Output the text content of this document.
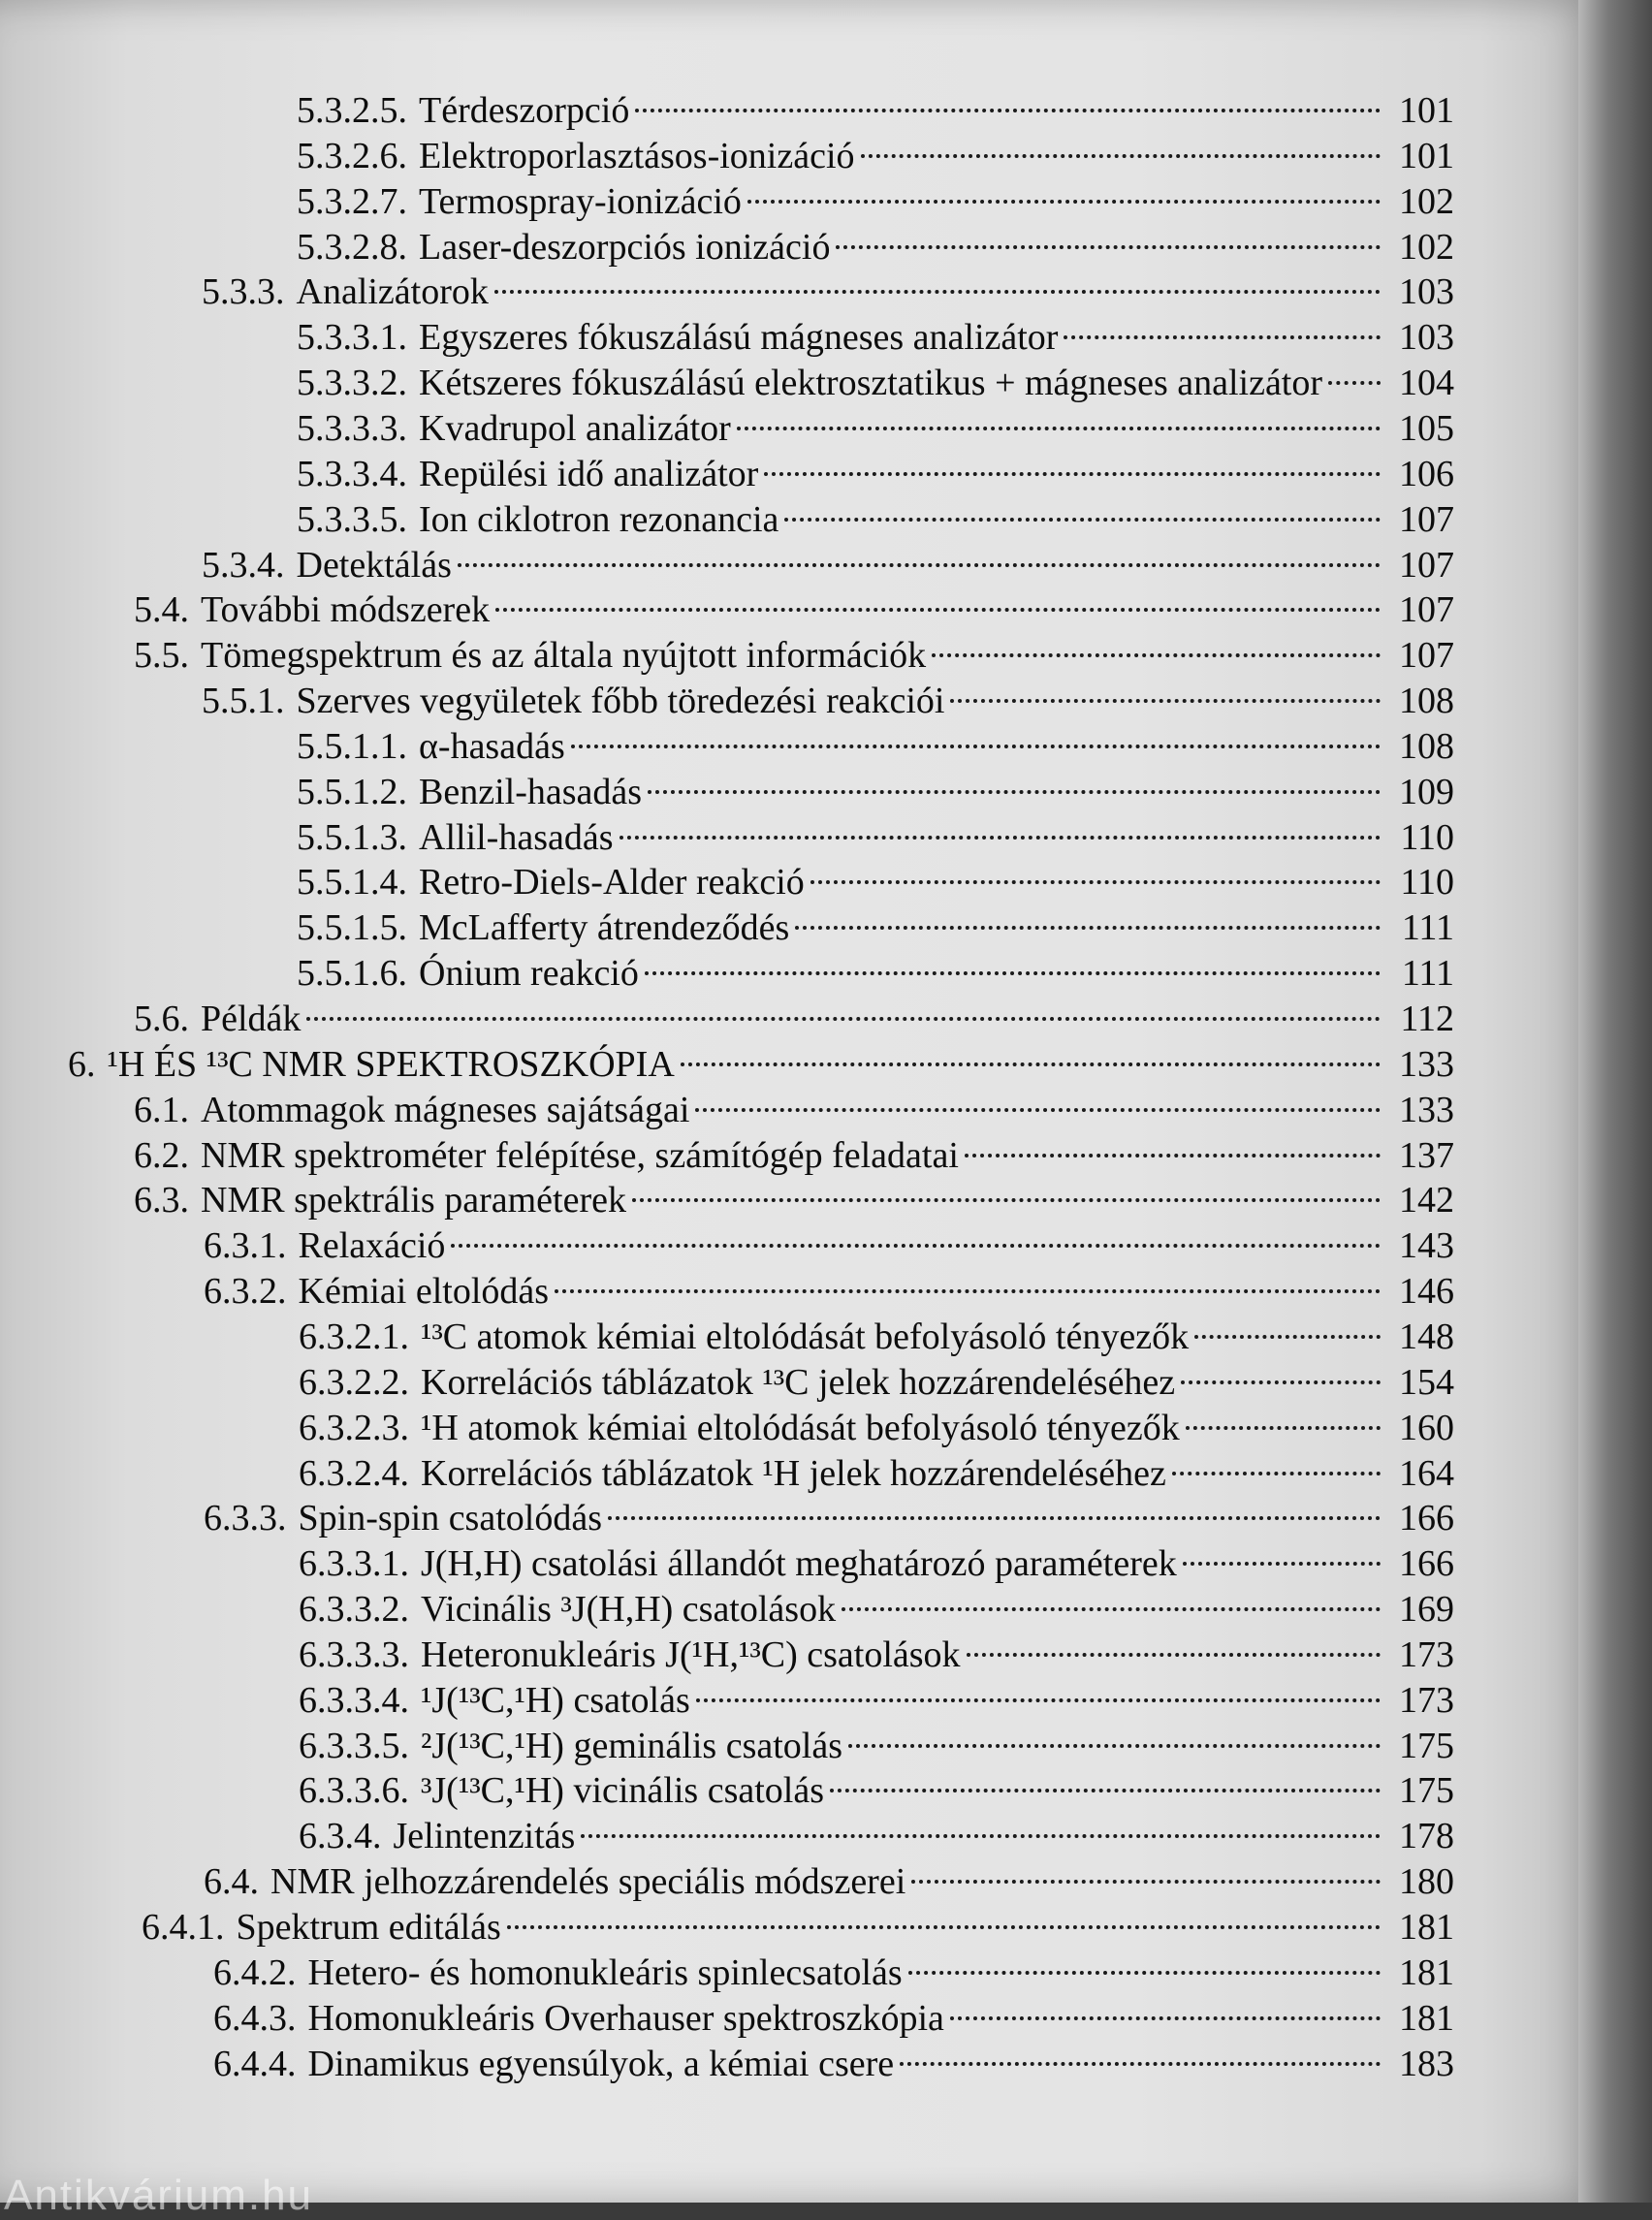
5.3.2.5. Térdeszorpció	101
5.3.2.6. Elektroporlasztásos-ionizáció	101
5.3.2.7. Termospray-ionizáció	102
5.3.2.8. Laser-deszorpciós ionizáció	102
5.3.3. Analizátorok	103
5.3.3.1. Egyszeres fókuszálású mágneses analizátor	103
5.3.3.2. Kétszeres fókuszálású elektrosztatikus + mágneses analizátor	104
5.3.3.3. Kvadrupol analizátor	105
5.3.3.4. Repülési idő analizátor	106
5.3.3.5. Ion ciklotron rezonancia	107
5.3.4. Detektálás	107
5.4. További módszerek	107
5.5. Tömegspektrum és az általa nyújtott információk	107
5.5.1. Szerves vegyületek főbb töredezési reakciói	108
5.5.1.1. α-hasadás	108
5.5.1.2. Benzil-hasadás	109
5.5.1.3. Allil-hasadás	110
5.5.1.4. Retro-Diels-Alder reakció	110
5.5.1.5. McLafferty átrendeződés	111
5.5.1.6. Ónium reakció	111
5.6. Példák	112
6. ¹H ÉS ¹³C NMR SPEKTROSZKÓPIA	133
6.1. Atommagok mágneses sajátságai	133
6.2. NMR spektrométer felépítése, számítógép feladatai	137
6.3. NMR spektrális paraméterek	142
6.3.1. Relaxáció	143
6.3.2. Kémiai eltolódás	146
6.3.2.1. ¹³C atomok kémiai eltolódását befolyásoló tényezők	148
6.3.2.2. Korrelációs táblázatok ¹³C jelek hozzárendeléséhez	154
6.3.2.3. ¹H atomok kémiai eltolódását befolyásoló tényezők	160
6.3.2.4. Korrelációs táblázatok ¹H jelek hozzárendeléséhez	164
6.3.3. Spin-spin csatolódás	166
6.3.3.1. J(H,H) csatolási állandót meghatározó paraméterek	166
6.3.3.2. Vicinális ³J(H,H) csatolások	169
6.3.3.3. Heteronukleáris J(¹H,¹³C) csatolások	173
6.3.3.4. ¹J(¹³C,¹H) csatolás	173
6.3.3.5. ²J(¹³C,¹H) geminális csatolás	175
6.3.3.6. ³J(¹³C,¹H) vicinális csatolás	175
6.3.4. Jelintenzitás	178
6.4. NMR jelhozzárendelés speciális módszerei	180
6.4.1. Spektrum editálás	181
6.4.2. Hetero- és homonukleáris spinlecsatolás	181
6.4.3. Homonukleáris Overhauser spektroszkópia	181
6.4.4. Dinamikus egyensúlyok, a kémiai csere	183
Antikvárium.hu
